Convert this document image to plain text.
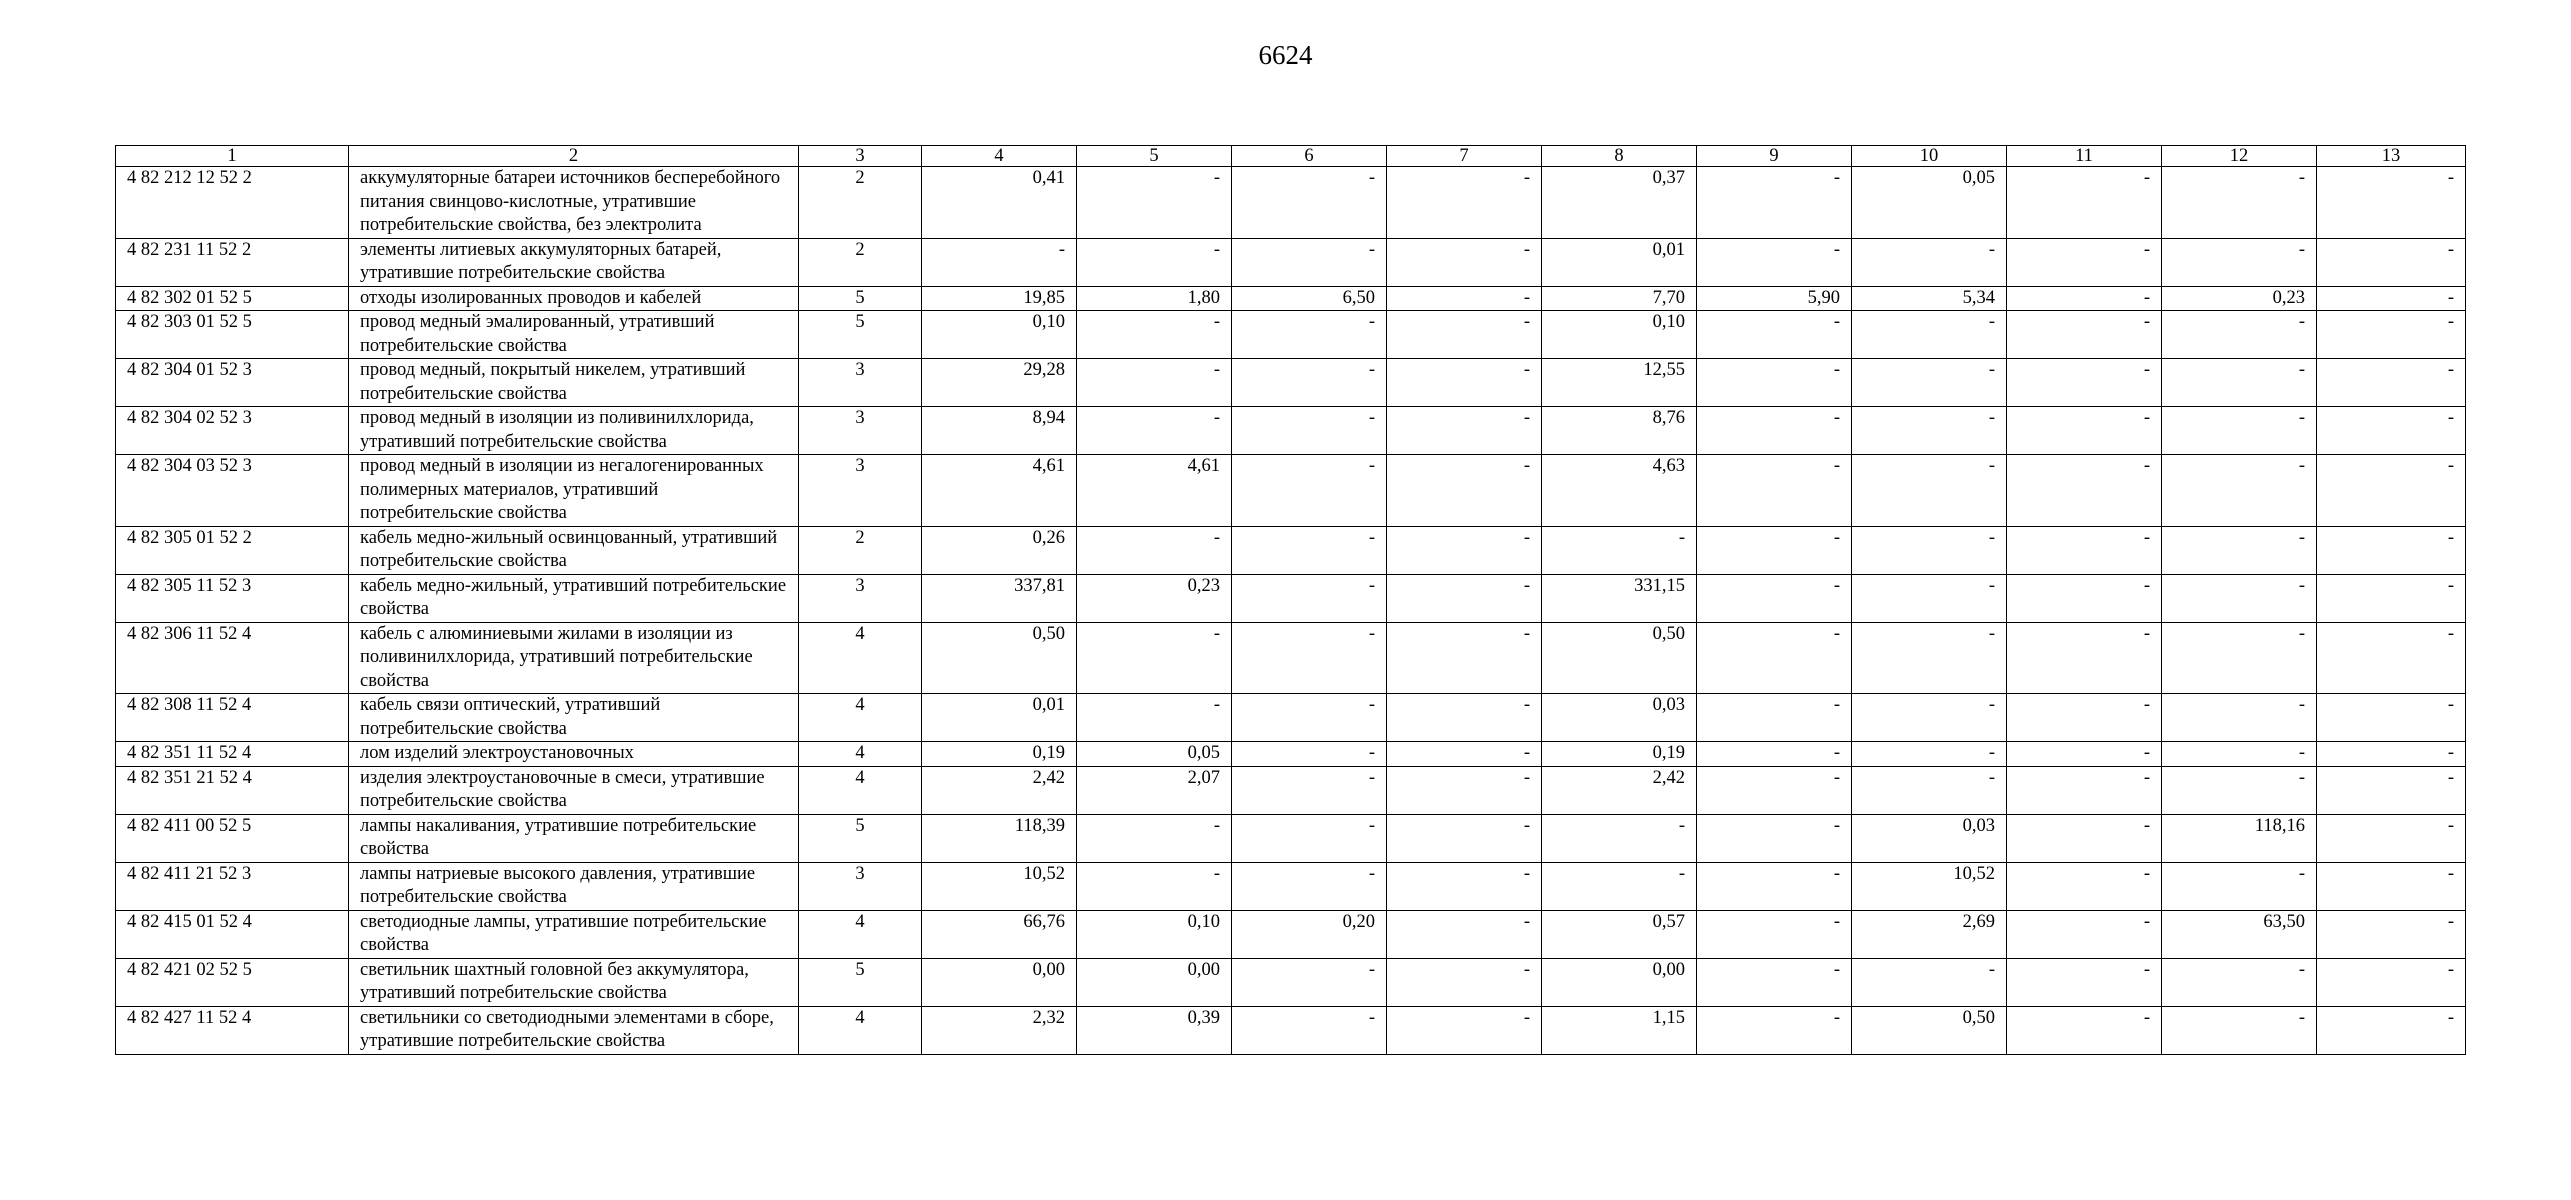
6624
1	2	3	4	5	6	7	8	9	10	11	12	13
4 82 212 12 52 2	аккумуляторные батареи источников бесперебойного питания свинцово-кислотные, утратившие потребительские свойства, без электролита	2	0,41	-	-	-	0,37	-	0,05	-	-	-
4 82 231 11 52 2	элементы литиевых аккумуляторных батарей, утратившие потребительские свойства	2	-	-	-	-	0,01	-	-	-	-	-
4 82 302 01 52 5	отходы изолированных проводов и кабелей	5	19,85	1,80	6,50	-	7,70	5,90	5,34	-	0,23	-
4 82 303 01 52 5	провод медный эмалированный, утративший потребительские свойства	5	0,10	-	-	-	0,10	-	-	-	-	-
4 82 304 01 52 3	провод медный, покрытый никелем, утративший потребительские свойства	3	29,28	-	-	-	12,55	-	-	-	-	-
4 82 304 02 52 3	провод медный в изоляции из поливинилхлорида, утративший потребительские свойства	3	8,94	-	-	-	8,76	-	-	-	-	-
4 82 304 03 52 3	провод медный в изоляции из негалогенированных полимерных материалов, утративший потребительские свойства	3	4,61	4,61	-	-	4,63	-	-	-	-	-
4 82 305 01 52 2	кабель медно-жильный освинцованный, утративший потребительские свойства	2	0,26	-	-	-	-	-	-	-	-	-
4 82 305 11 52 3	кабель медно-жильный, утративший потребительские свойства	3	337,81	0,23	-	-	331,15	-	-	-	-	-
4 82 306 11 52 4	кабель с алюминиевыми жилами в изоляции из поливинилхлорида, утративший потребительские свойства	4	0,50	-	-	-	0,50	-	-	-	-	-
4 82 308 11 52 4	кабель связи оптический, утративший потребительские свойства	4	0,01	-	-	-	0,03	-	-	-	-	-
4 82 351 11 52 4	лом изделий электроустановочных	4	0,19	0,05	-	-	0,19	-	-	-	-	-
4 82 351 21 52 4	изделия электроустановочные в смеси, утратившие потребительские свойства	4	2,42	2,07	-	-	2,42	-	-	-	-	-
4 82 411 00 52 5	лампы накаливания, утратившие потребительские свойства	5	118,39	-	-	-	-	-	0,03	-	118,16	-
4 82 411 21 52 3	лампы натриевые высокого давления, утратившие потребительские свойства	3	10,52	-	-	-	-	-	10,52	-	-	-
4 82 415 01 52 4	светодиодные лампы, утратившие потребительские свойства	4	66,76	0,10	0,20	-	0,57	-	2,69	-	63,50	-
4 82 421 02 52 5	светильник шахтный головной без аккумулятора, утративший потребительские свойства	5	0,00	0,00	-	-	0,00	-	-	-	-	-
4 82 427 11 52 4	светильники со светодиодными элементами в сборе, утратившие потребительские свойства	4	2,32	0,39	-	-	1,15	-	0,50	-	-	-
